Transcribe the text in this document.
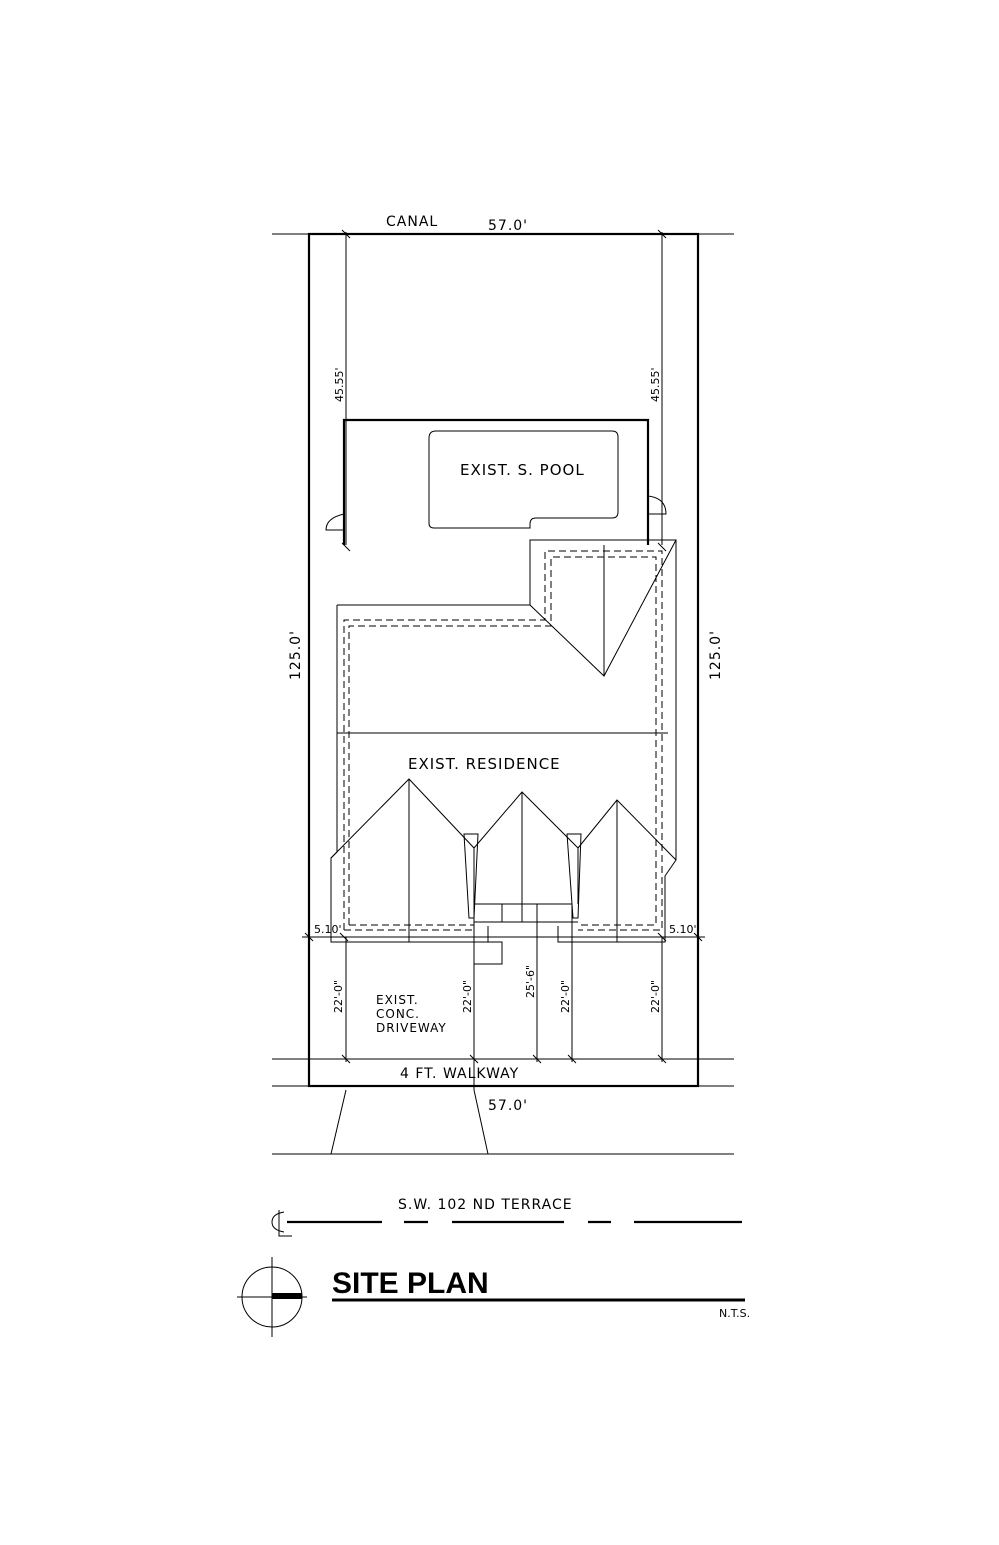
CANAL	57.0'
57.0'
125.0'	125.0'
45.55'	45.55'
EXIST. S. POOL
EXIST. RESIDENCE
5.10'	5.10'
22'-0"	22'-0"	25'-6" 22'-0"	22'-0"
EXIST.
CONC.
DRIVEWAY
4 FT. WALKWAY
S.W. 102 ND TERRACE
SITE PLAN
N.T.S.
